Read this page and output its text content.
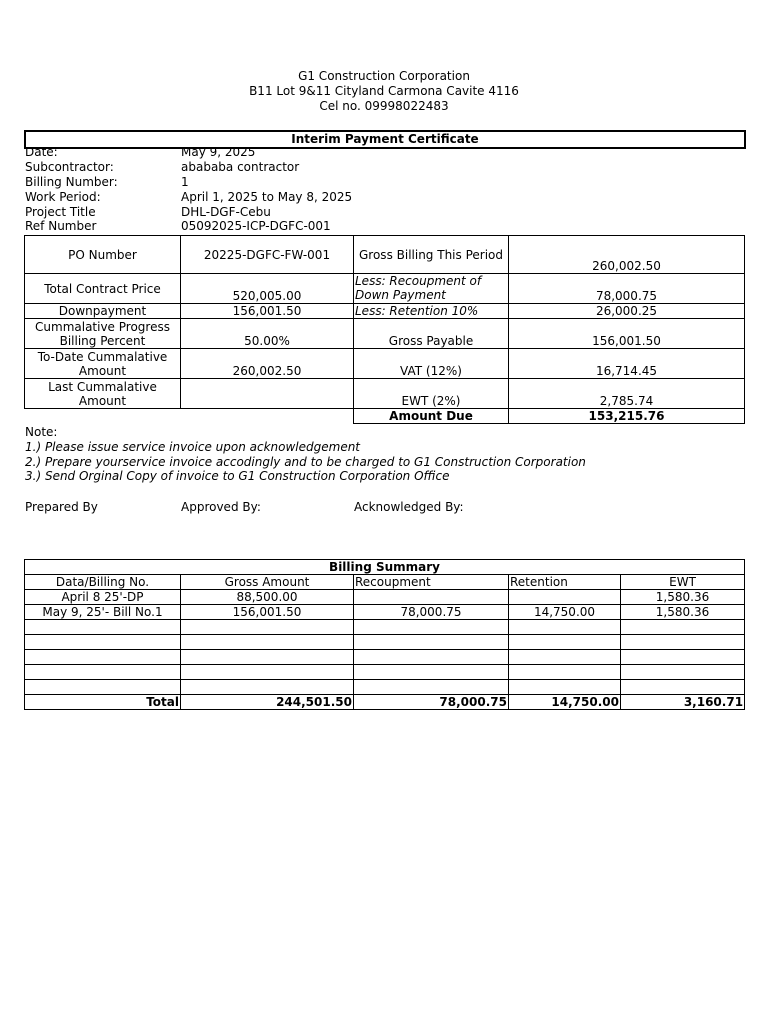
G1 Construction Corporation
B11 Lot 9&11 Cityland Carmona Cavite 4116
Cel no. 09998022483
Interim Payment Certificate
Date:	May 9, 2025
Subcontractor:	abababa contractor
Billing Number:	1
Work Period:	April 1, 2025 to May 8, 2025
Project Title	DHL-DGF-Cebu
Ref Number	05092025-ICP-DGFC-001
PO Number	20225-DGFC-FW-001	Gross Billing This Period	260,002.50
Total Contract Price	520,005.00	Less: Recoupment of Down Payment	78,000.75
Downpayment	156,001.50	Less: Retention 10%	26,000.25
Cummalative Progress Billing Percent	50.00%	Gross Payable	156,001.50
To-Date Cummalative Amount	260,002.50	VAT (12%)	16,714.45
Last Cummalative Amount		EWT (2%)	2,785.74
		Amount Due	153,215.76
Note:
1.) Please issue service invoice upon acknowledgement
2.) Prepare yourservice invoice accodingly and to be charged to G1 Construction Corporation
3.) Send Orginal Copy of invoice to G1 Construction Corporation Office
Prepared By	Approved By:	Acknowledged By:
Billing Summary				
Data/Billing No.	Gross Amount	Recoupment	Retention	EWT
April 8 25'-DP	88,500.00			1,580.36
May 9, 25'- Bill No.1	156,001.50	78,000.75	14,750.00	1,580.36

Total	244,501.50	78,000.75	14,750.00	3,160.71
